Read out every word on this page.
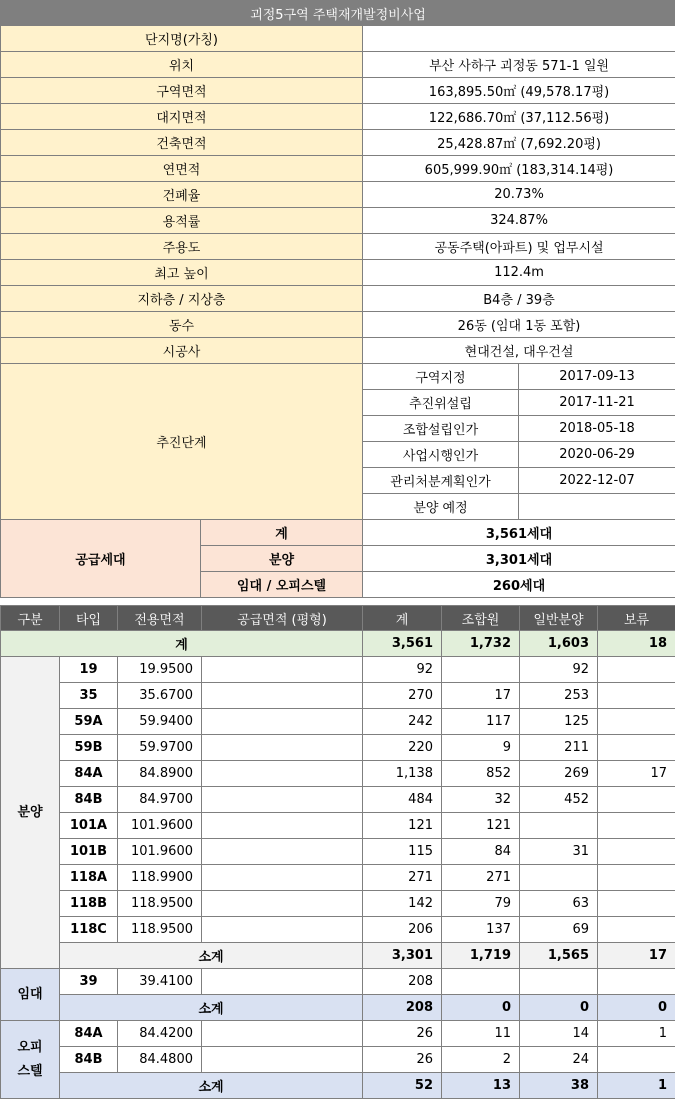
괴정5구역 주택재개발정비사업			
단지명(가칭)			
위치		부산 사하구 괴정동 571-1 일원	
구역면적		163,895.50㎡ (49,578.17평)	
대지면적		122,686.70㎡ (37,112.56평)	
건축면적		25,428.87㎡ (7,692.20평)	
연면적		605,999.90㎡ (183,314.14평)	
건폐율		20.73%	
용적률		324.87%	
주용도		공동주택(아파트) 및 업무시설	
최고 높이		112.4m	
지하층 / 지상층		B4층 / 39층	
동수		26동 (임대 1동 포함)	
시공사		현대건설, 대우건설	
추진단계		구역지정	2017-09-13
		추진위설립	2017-11-21
		조합설립인가	2018-05-18
		사업시행인가	2020-06-29
		관리처분계획인가	2022-12-07
		분양 예정	
공급세대	계	3,561세대	
	분양	3,301세대	
	임대 / 오피스텔	260세대	
구분	타입	전용면적	공급면적 (평형)	계	조합원	일반분양	보류
계				3,561	1,732	1,603	18
분양	19	19.9500		92		92	
	35	35.6700		270	17	253	
	59A	59.9400		242	117	125	
	59B	59.9700		220	9	211	
	84A	84.8900		1,138	852	269	17
	84B	84.9700		484	32	452	
	101A	101.9600		121	121		
	101B	101.9600		115	84	31	
	118A	118.9900		271	271		
	118B	118.9500		142	79	63	
	118C	118.9500		206	137	69	
	소계			3,301	1,719	1,565	17
임대	39	39.4100		208			
	소계			208	0	0	0
오피
스텔	84A	84.4200		26	11	14	1
	84B	84.4800		26	2	24	
	소계			52	13	38	1
